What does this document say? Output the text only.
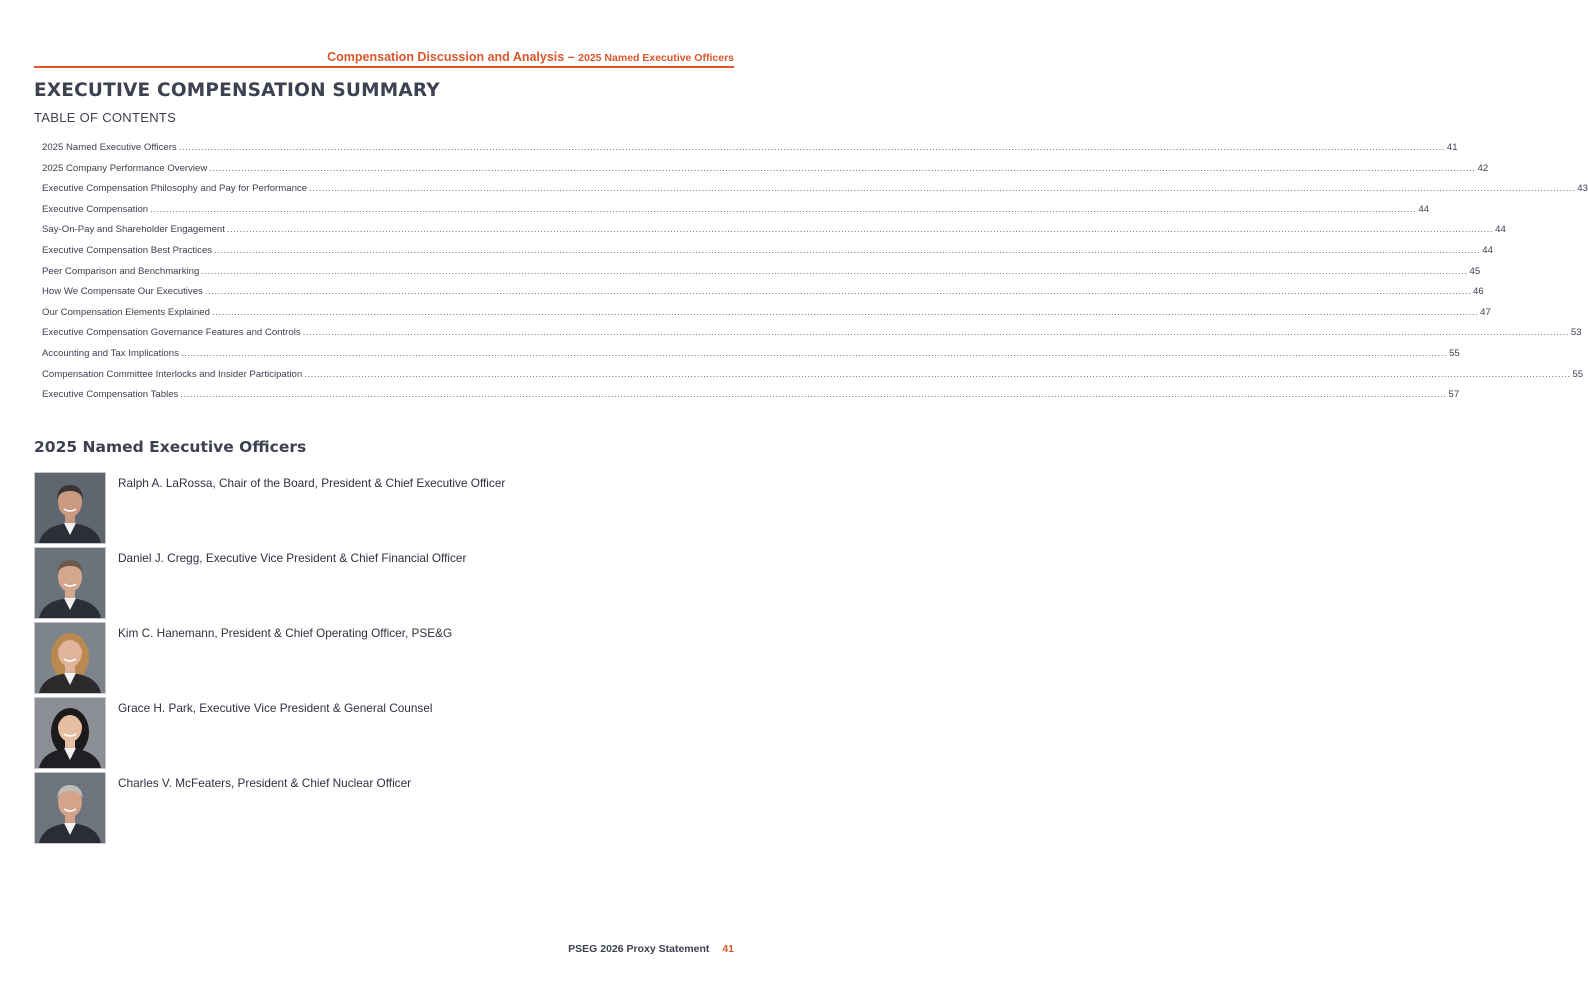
Compensation Discussion and Analysis – 2025 Named Executive Officers
EXECUTIVE COMPENSATION SUMMARY
TABLE OF CONTENTS
2025 Named Executive Officers ................................................................................................................................................................................................................................................................................................................................................................................................................ 41
2025 Company Performance Overview ................................................................................................................................................................................................................................................................................................................................................................................................................ 42
Executive Compensation Philosophy and Pay for Performance ................................................................................................................................................................................................................................................................................................................................................................................................................ 43
Executive Compensation ................................................................................................................................................................................................................................................................................................................................................................................................................ 44
Say-On-Pay and Shareholder Engagement ................................................................................................................................................................................................................................................................................................................................................................................................................ 44
Executive Compensation Best Practices ................................................................................................................................................................................................................................................................................................................................................................................................................ 44
Peer Comparison and Benchmarking ................................................................................................................................................................................................................................................................................................................................................................................................................ 45
How We Compensate Our Executives ................................................................................................................................................................................................................................................................................................................................................................................................................ 46
Our Compensation Elements Explained ................................................................................................................................................................................................................................................................................................................................................................................................................ 47
Executive Compensation Governance Features and Controls ................................................................................................................................................................................................................................................................................................................................................................................................................ 53
Accounting and Tax Implications ................................................................................................................................................................................................................................................................................................................................................................................................................ 55
Compensation Committee Interlocks and Insider Participation ................................................................................................................................................................................................................................................................................................................................................................................................................ 55
Executive Compensation Tables ................................................................................................................................................................................................................................................................................................................................................................................................................ 57
2025 Named Executive Officers
Ralph A. LaRossa, Chair of the Board, President & Chief Executive Officer
Daniel J. Cregg, Executive Vice President & Chief Financial Officer
Kim C. Hanemann, President & Chief Operating Officer, PSE&G
Grace H. Park, Executive Vice President & General Counsel
Charles V. McFeaters, President & Chief Nuclear Officer
PSEG 2026 Proxy Statement 41
